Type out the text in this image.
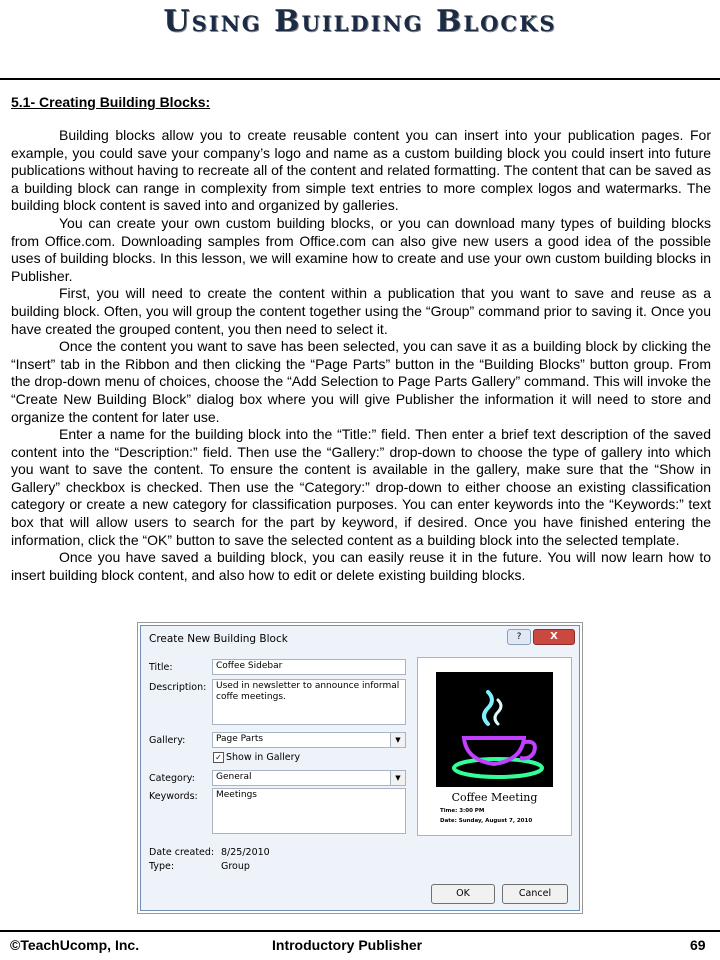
Using Building Blocks
5.1- Creating Building Blocks:

Building blocks allow you to create reusable content you can insert into your publication pages. For example, you could save your company’s logo and name as a custom building block you could insert into future publications without having to recreate all of the content and related formatting. The content that can be saved as a building block can range in complexity from simple text entries to more complex logos and watermarks. The building block content is saved into and organized by galleries.

You can create your own custom building blocks, or you can download many types of building blocks from Office.com. Downloading samples from Office.com can also give new users a good idea of the possible uses of building blocks. In this lesson, we will examine how to create and use your own custom building blocks in Publisher.

First, you will need to create the content within a publication that you want to save and reuse as a building block. Often, you will group the content together using the “Group” command prior to saving it. Once you have created the grouped content, you then need to select it.

Once the content you want to save has been selected, you can save it as a building block by clicking the “Insert” tab in the Ribbon and then clicking the “Page Parts” button in the “Building Blocks” button group. From the drop-down menu of choices, choose the “Add Selection to Page Parts Gallery” command. This will invoke the “Create New Building Block” dialog box where you will give Publisher the information it will need to store and organize the content for later use.

Enter a name for the building block into the “Title:” field. Then enter a brief text description of the saved content into the “Description:” field. Then use the “Gallery:” drop-down to choose the type of gallery into which you want to save the content. To ensure the content is available in the gallery, make sure that the “Show in Gallery” checkbox is checked. Then use the “Category:” drop-down to either choose an existing classification category or create a new category for classification purposes. You can enter keywords into the “Keywords:” text box that will allow users to search for the part by keyword, if desired. Once you have finished entering the information, click the “OK” button to save the selected content as a building block into the selected template.

Once you have saved a building block, you can easily reuse it in the future. You will now learn how to insert building block content, and also how to edit or delete existing building blocks.

Create New Building Block	?	X
Title:	Coffee Sidebar
Description:	Used in newsletter to announce informal coffe meetings.
Gallery:	Page Parts	▼
✓ Show in Gallery
Category:	General	▼
Keywords:	Meetings	Coffee Meeting
Time: 3:00 PM
Date: Sunday, August 7, 2010
Date created: 8/25/2010
Type:	Group
OK	Cancel
©TeachUcomp, Inc.	Introductory Publisher	69
